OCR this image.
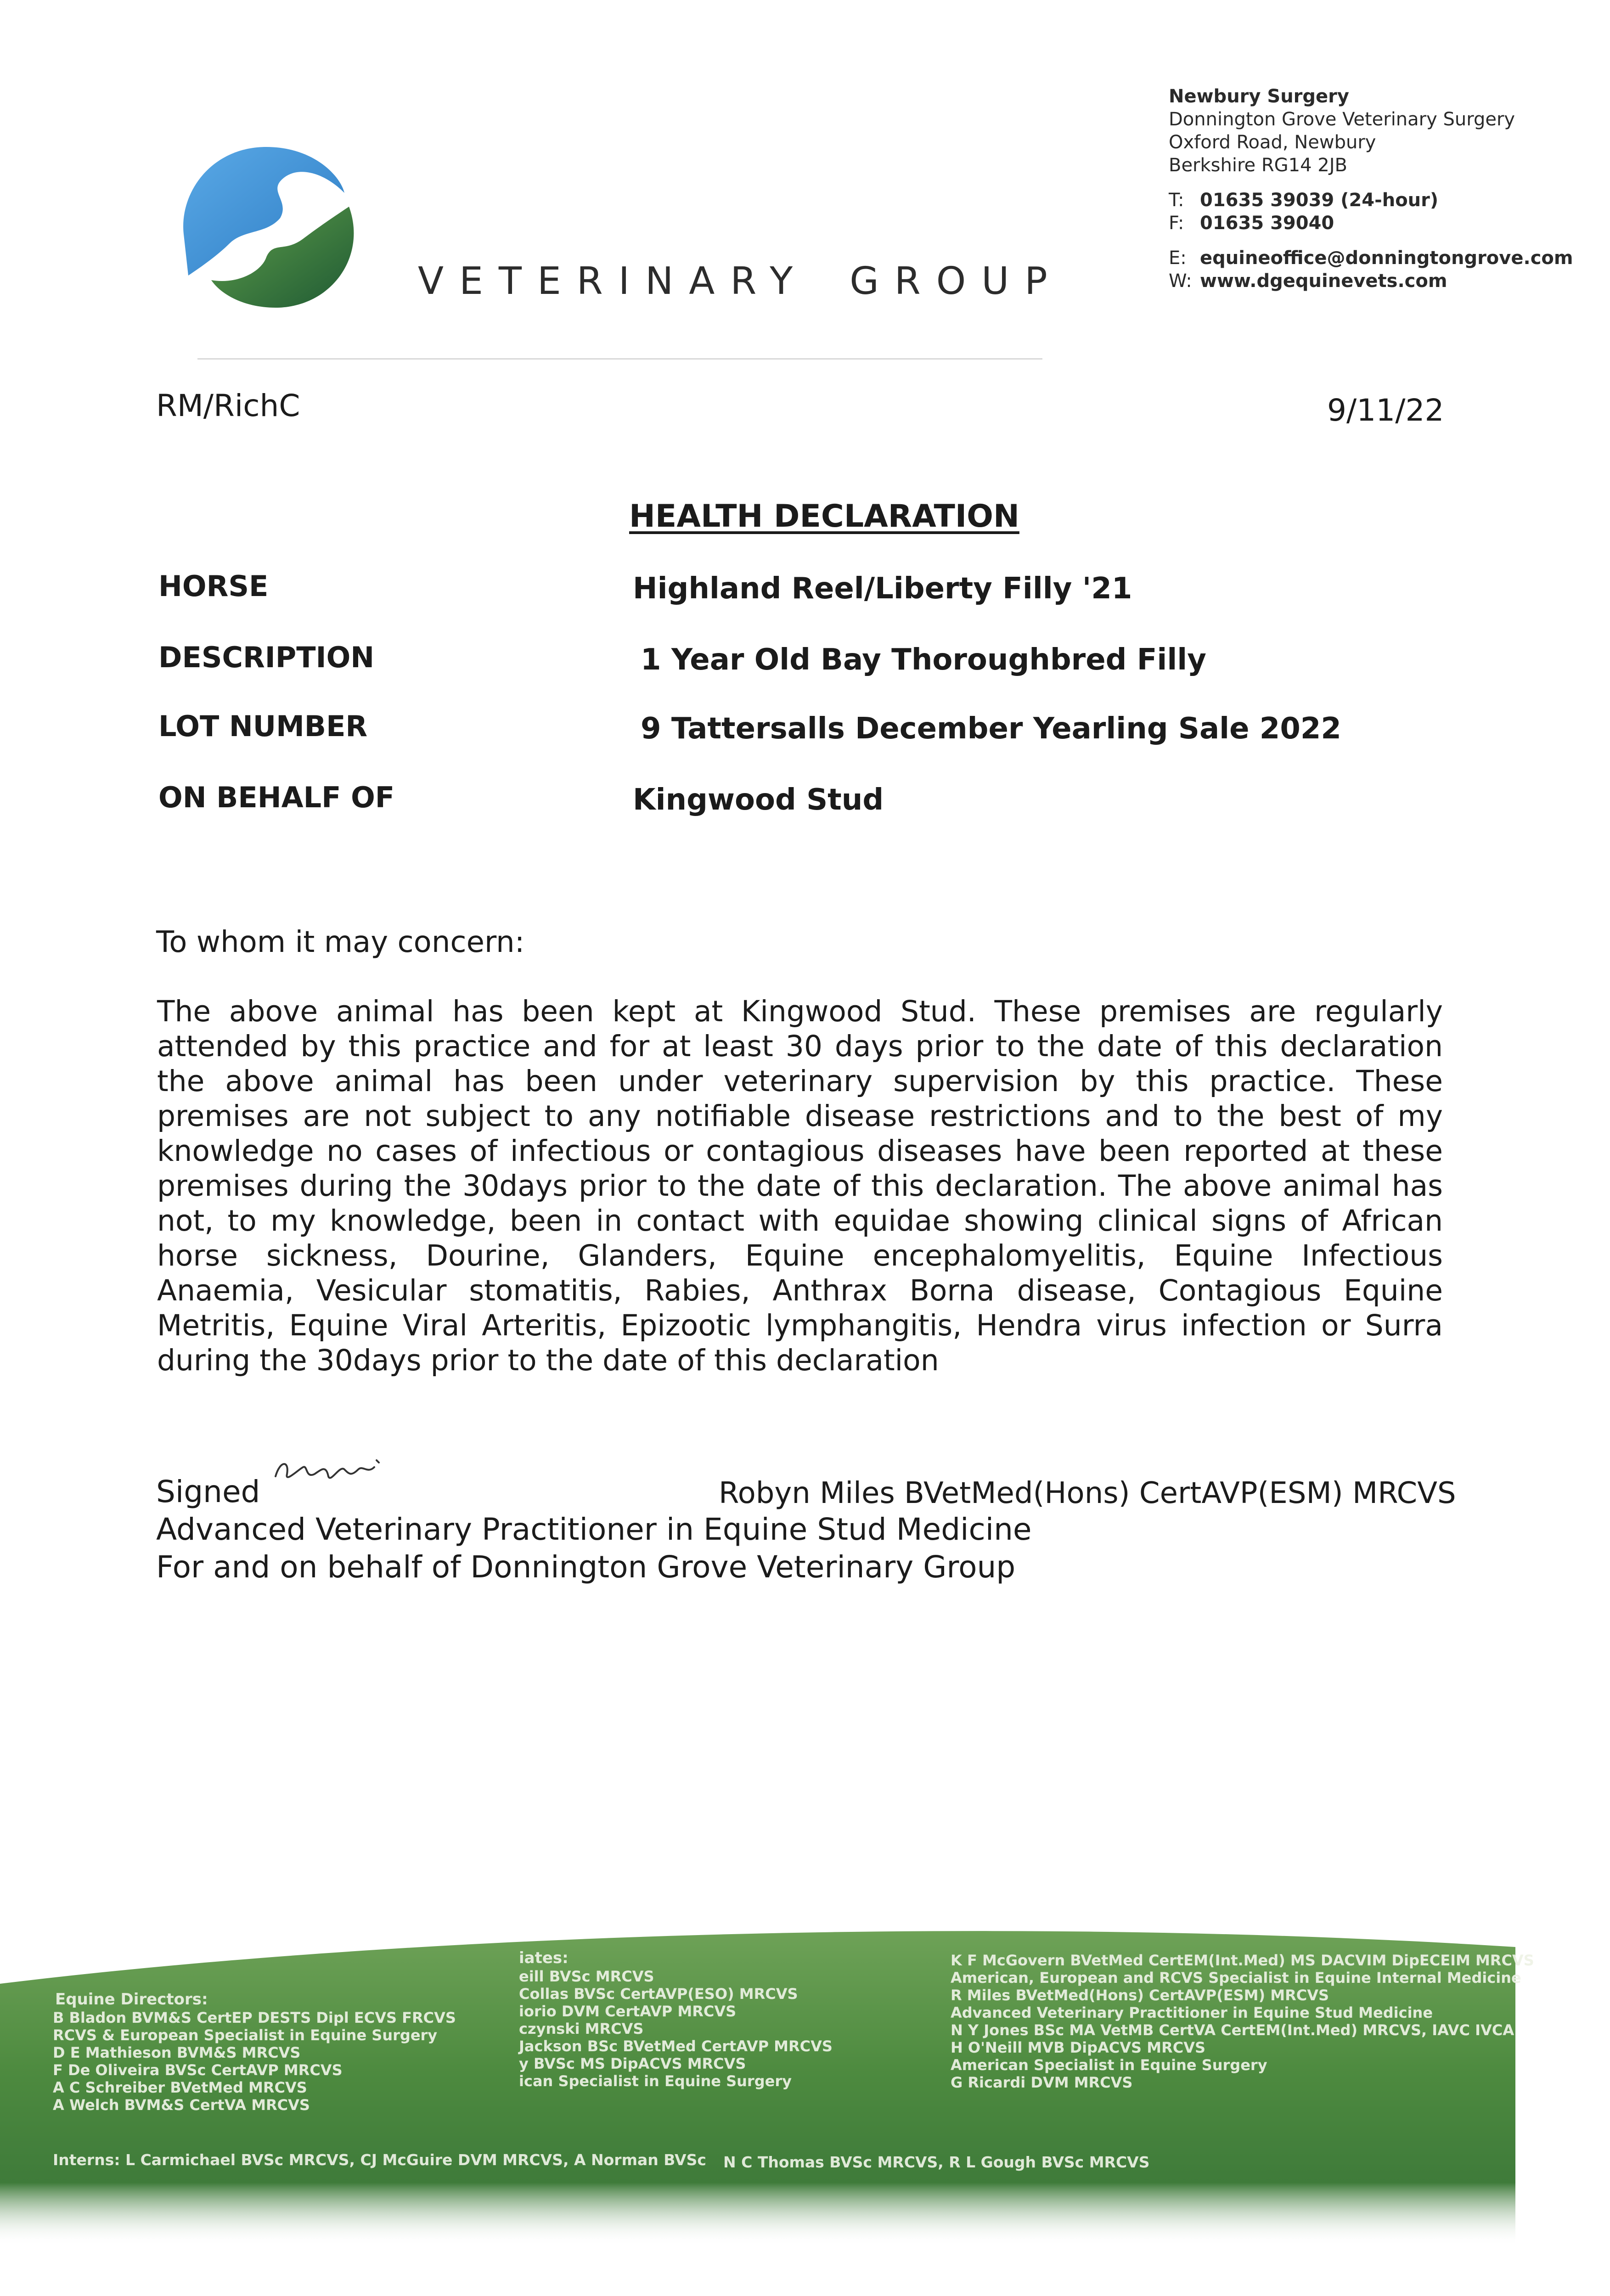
VETERINARY GROUP
Newbury Surgery
Donnington Grove Veterinary Surgery
Oxford Road, Newbury
Berkshire RG14 2JB
T: 01635 39039 (24-hour)
F: 01635 39040
E: equineoffice@donningtongrove.com
W: www.dgequinevets.com
RM/RichC	9/11/22
HEALTH DECLARATION
HORSE	Highland Reel/Liberty Filly '21
DESCRIPTION	1 Year Old Bay Thoroughbred Filly
LOT NUMBER	9 Tattersalls December Yearling Sale 2022
ON BEHALF OF	Kingwood Stud
To whom it may concern:
The above animal has been kept at Kingwood Stud. These premises are regularly attended by this practice and for at least 30 days prior to the date of this declaration the above animal has been under veterinary supervision by this practice. These premises are not subject to any notifiable disease restrictions and to the best of my knowledge no cases of infectious or contagious diseases have been reported at these premises during the 30days prior to the date of this declaration. The above animal has not, to my knowledge, been in contact with equidae showing clinical signs of African horse sickness, Dourine, Glanders, Equine encephalomyelitis, Equine Infectious Anaemia, Vesicular stomatitis, Rabies, Anthrax Borna disease, Contagious Equine Metritis, Equine Viral Arteritis, Epizootic lymphangitis, Hendra virus infection or Surra during the 30days prior to the date of this declaration
Signed	Robyn Miles BVetMed(Hons) CertAVP(ESM) MRCVS
Advanced Veterinary Practitioner in Equine Stud Medicine
For and on behalf of Donnington Grove Veterinary Group
Equine Directors:
B Bladon BVM&S CertEP DESTS Dipl ECVS FRCVS
RCVS & European Specialist in Equine Surgery
D E Mathieson BVM&S MRCVS
F De Oliveira BVSc CertAVP MRCVS
A C Schreiber BVetMed MRCVS
A Welch BVM&S CertVA MRCVS
iates:
eill BVSc MRCVS
Collas BVSc CertAVP(ESO) MRCVS
iorio DVM CertAVP MRCVS
czynski MRCVS
Jackson BSc BVetMed CertAVP MRCVS
y BVSc MS DipACVS MRCVS
ican Specialist in Equine Surgery
K F McGovern BVetMed CertEM(Int.Med) MS DACVIM DipECEIM MRCVS
American, European and RCVS Specialist in Equine Internal Medicine
R Miles BVetMed(Hons) CertAVP(ESM) MRCVS
Advanced Veterinary Practitioner in Equine Stud Medicine
N Y Jones BSc MA VetMB CertVA CertEM(Int.Med) MRCVS, IAVC IVCA
H O'Neill MVB DipACVS MRCVS
American Specialist in Equine Surgery
G Ricardi DVM MRCVS
Interns: L Carmichael BVSc MRCVS, CJ McGuire DVM MRCVS, A Norman BVSc N C Thomas BVSc MRCVS, R L Gough BVSc MRCVS
